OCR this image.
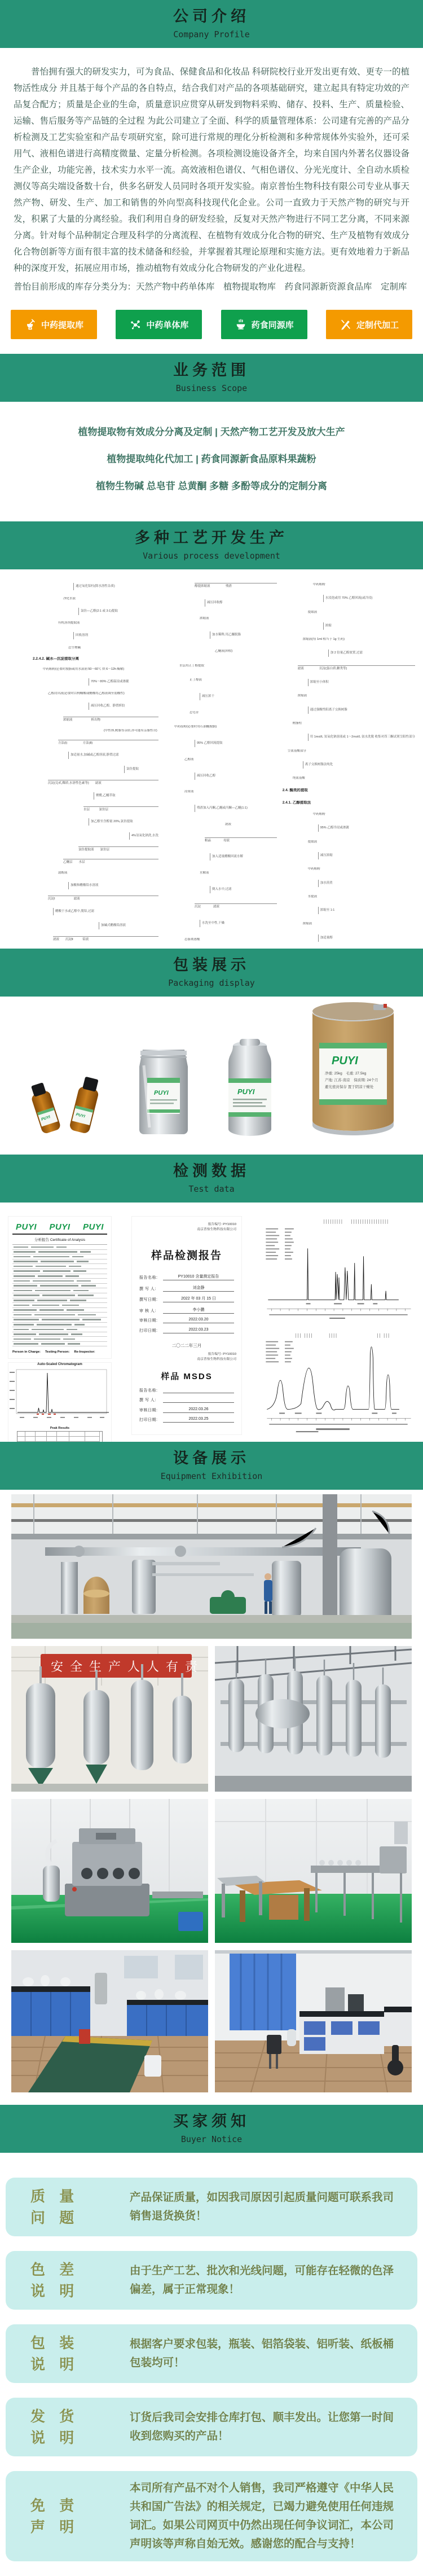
公司介绍
Company Profile
普怡拥有强大的研发实力，可为食品、保健食品和化妆品 科研院校行业开发出更有效、更专一的植物活性成分 并且基于每个产品的各自特点，结合我们对产品的各项基础研究，建立起具有特定功效的产品复合配方；质量是企业的生命，质量意识应贯穿从研发到物料采购、储存、投料、生产、质量检验、运输、售后服务等产品链的全过程 为此公司建立了全面、科学的质量管理体系：公司建有完善的产品分析检测及工艺实验室和产品专项研究室，除可进行常规的理化分析检测和多种常规体外实验外，还可采用气、液相色谱进行高精度微量、定量分析检测。各项检测设施设备齐全，均来自国内外著名仪器设备生产企业，功能完善，技术实力水平一流。高效液相色谱仪、气相色谱仪、分光光度计、全自动水质检测仪等高尖端设备数十台，供多名研发人员同时各项开发实验。南京普怡生物科技有限公司专业从事天然产物、研发、生产、加工和销售的外向型高科技现代化企业。公司一直致力于天然产物的研究与开发，积累了大量的分离经验。我们利用自身的研发经验，反复对天然产物进行不同工艺分离，不同来源分离。针对每个品种制定合理及科学的分离流程、在植物有效成分化合物的研究、生产及植物有效成分化合物创新等方面有很丰富的技术储备和经验，并掌握着其理论原理和实施方法。更有效地着力于新品种的深度开发，拓展应用市场，推动植物有效成分化合物研发的产业化进程。
普怡目前形成的库存分类分为：天然产物中药单体库　植物提取物库　药食同源新资源食品库　定制库
中药提取库	中药单体库	药食同源库	定制代加工
业务范围
Business Scope
植物提取物有效成分分离及定制 | 天然产物工艺开发及放大生产
植物提取纯化代加工 | 药食同源新食品原料果蔬粉
植物生物碱 总皂苷 总黄酮 多糖 多酚等成分的定制分离
多种工艺开发生产
Various process development
通过氧化铝柱(除水溶性杂质)
净化水液
氯仿—乙醇(2:1 或 3:1)提取
有机溶剂提取液
回收溶剂
总生物碱
2.2.4.2. 碱水—沉淀提取分离
中药粗粉(必要时脱脂或用水湿润 50～60℃ 烘 6～12h 酶解)
70%～80% 乙醇温浸或渗漉
乙醇浸出液(必要时以枸橼酸或醋酸将乙醇液调至弱酸性)
减压回收乙醇，静置析胶
浓缩液　　　　　　析出物
(中性体,树脂等杂质,亦可能有亲脂性苷)
方法(Ⅰ)　　　　　方法(Ⅱ)
加适量水,加碱或乙醇溶液,静置过滤
氯仿提取
沉淀(兑甙,鞣质,水溶性色素等)　　滤液
聚酰,乙醚萃取
水层　　　氯仿层
加乙醇至含醇量 20%,氯仿提取
4%氢氧化钠洗,水洗
氯仿提取液　　氯仿层
乙醚层　　水层
滤醇液
加酸和醋酸铅水溶液
沉淀Ⅰ　　　　　　滤液
醋酸于水或乙醇中,脱铅,过滤
加碱式醋酸铅溶液
滤液　　沉淀Ⅱ　　　铅液
醇提浓缩液　　　　　残渣
减压回收醇
浓缩液
加水稀释,用乙醚脱脂
乙醚液(回收)
水层用正丁醇提取
正丁醇液
减压浓干
总皂苷
中药原粉(必要时用石油醚脱脂)
95% 乙醇回流提取
乙醇液
减压回收乙醇
浸膏液
残渣加入丙酮,乙醚或丙酮—乙醚(1:1)
滤液
粗晶　　　　母液
加入适量醋酸回流水解
水解液
倒入水中,过滤
沉淀　　　　滤液
水洗至中性,干燥
总游离蒽醌
中药粗粉
水浸泡或用 70% 乙醇回流(或冷浸)
提取液
浓缩
浓缩液(每 1ml 相当于 1g 生药)
加 2 倍量乙醇放置,过滤
滤液　　　　　沉淀(蛋白质,糖类等)
浓缩至小体积
浓缩液
通过强酸性阳离子交换树脂
树脂柱
用 1mol/L 氢氧化钠溶液或 1～2mol/L 氨水洗脱 收集对茚三酮试剂呈阳性部分
呈氨基酸部分
离子交换树脂法纯化
纯氨基酸
2.4. 酶类的提取
2.4.1. 乙醇提取法
中药粗粉
95% 乙醇冷浸或渗漉
提取液
减压浓缩
中药粗粉
加水煎煮
水提液
浓缩至 1:1
浓缩液
加适量醇
包装展示
Packaging display
PUYI	PUYI
PUYI	PUYI
PUYI
净重: 25kg　毛重: 27.5kg
产地: 江苏·南京　保质期: 24个月
避光密封保存 置于阴凉干燥处
检测数据
Test data
PUYI PUYI PUYI
分析报告 Certificate of Analysis
Person in Charge: Testing Person: Re-Inspector:
Auto-Scaled Chromatogram
Peak Results
报告编号: PY10010
南京普怡生物科技有限公司
样品检测报告
报告名称:	PY10010 含量测定报告
撰 写 人:	刘金静
撰写日期:	2022 年 03 月 15 日
审 核 人:	李小鹏
审核日期:	2022.03.20
打印日期:	2022.03.23
二〇二二年三月
报告编号: PY10010
南京普怡生物科技有限公司
样品 MSDS
报告名称:
撰 写 人:
审核日期:	2022.03.26
打印日期:	2022.03.25
设备展示
Equipment Exhibition
安全生产人人有责
买家须知
Buyer Notice
质 量
问 题
产品保证质量，如因我司原因引起质量问题可联系我司销售退货换货！
色 差
说 明
由于生产工艺、批次和光线问题，可能存在轻微的色泽偏差，属于正常现象！
包 装
说 明
根据客户要求包装，瓶装、铝箔袋装、铝听装、纸板桶包装均可！
发 货
说 明
订货后我司会安排仓库打包、顺丰发出。让您第一时间收到您购买的产品！
免 责
声 明
本司所有产品不对个人销售，我司严格遵守《中华人民共和国广告法》的相关规定，已竭力避免使用任何违规词汇。如果公司网页中仍然出现任何争议词汇，本公司声明该等声称自始无效。感谢您的配合与支持！
